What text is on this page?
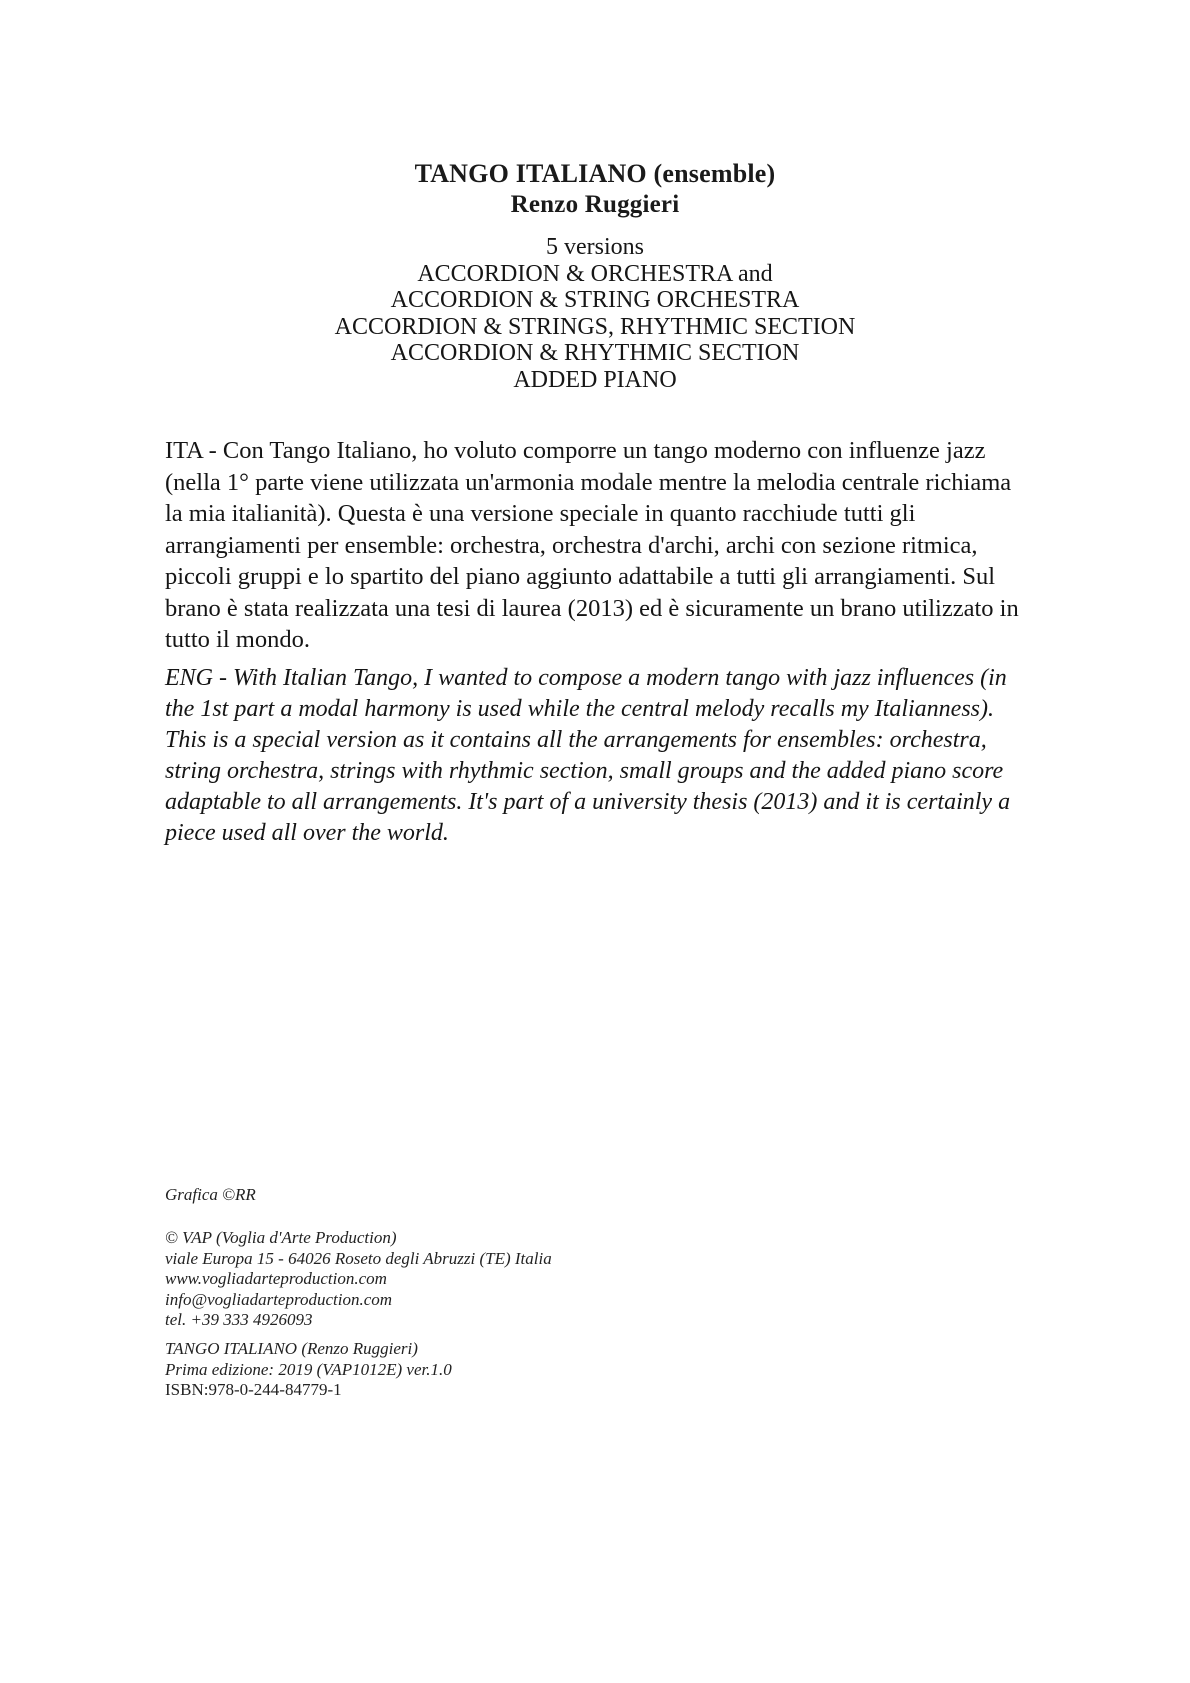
TANGO ITALIANO (ensemble)
Renzo Ruggieri
5 versions
ACCORDION & ORCHESTRA and
ACCORDION & STRING ORCHESTRA
ACCORDION & STRINGS, RHYTHMIC SECTION
ACCORDION & RHYTHMIC SECTION
ADDED PIANO
ITA - Con Tango Italiano, ho voluto comporre un tango moderno con influenze jazz (nella 1° parte viene utilizzata un'armonia modale mentre la melodia centrale richiama la mia italianità). Questa è una versione speciale in quanto racchiude tutti gli arrangiamenti per ensemble: orchestra, orchestra d'archi, archi con sezione ritmica, piccoli gruppi e lo spartito del piano aggiunto adattabile a tutti gli arrangiamenti. Sul brano è stata realizzata una tesi di laurea (2013) ed è sicuramente un brano utilizzato in tutto il mondo.
ENG - With Italian Tango, I wanted to compose a modern tango with jazz influences (in the 1st part a modal harmony is used while the central melody recalls my Italianness). This is a special version as it contains all the arrangements for ensembles: orchestra, string orchestra, strings with rhythmic section, small groups and the added piano score adaptable to all arrangements. It's part of a university thesis (2013) and it is certainly a piece used all over the world.
Grafica ©RR
© VAP (Voglia d'Arte Production)
viale Europa 15 - 64026 Roseto degli Abruzzi (TE) Italia
www.vogliadarteproduction.com
info@vogliadarteproduction.com
tel. +39 333 4926093
TANGO ITALIANO (Renzo Ruggieri)
Prima edizione: 2019 (VAP1012E) ver.1.0
ISBN:978-0-244-84779-1
